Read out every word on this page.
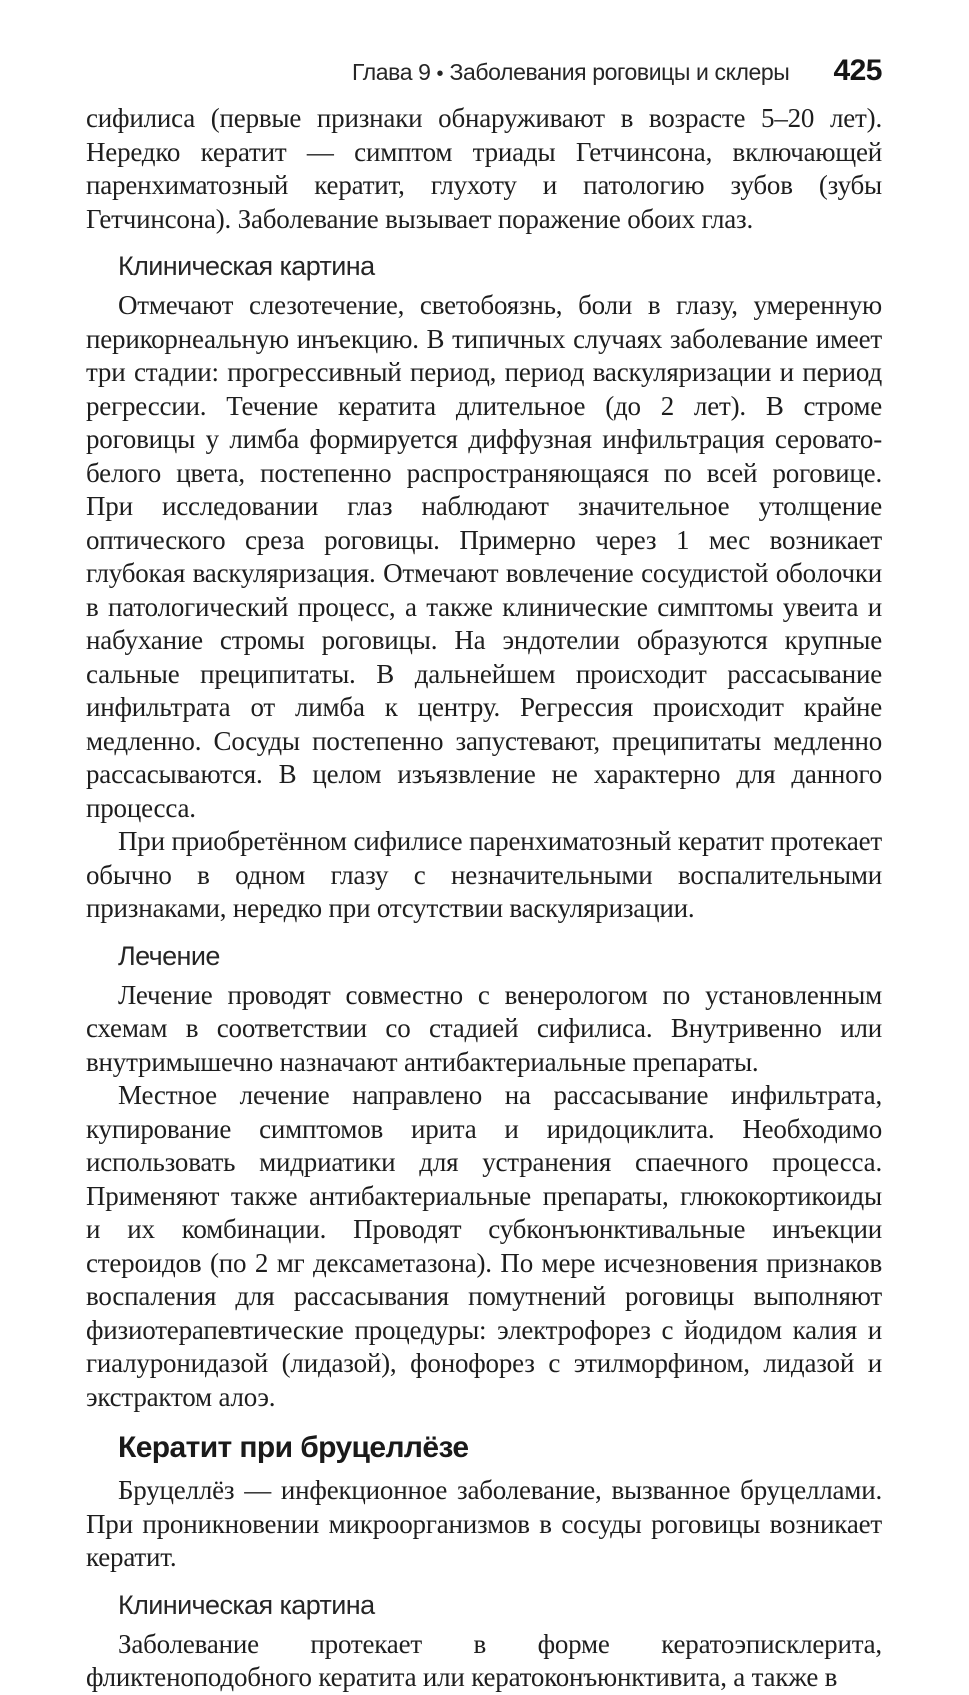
Глава 9 • Заболевания роговицы и склеры 425

сифилиса (первые признаки обнаруживают в возрасте 5–20 лет). Нередко кератит — симптом триады Гетчинсона, включающей паренхиматозный кератит, глухоту и патологию зубов (зубы Гетчинсона). Заболевание вызывает поражение обоих глаз.

Клиническая картина

Отмечают слезотечение, светобоязнь, боли в глазу, умеренную перикорнеальную инъекцию. В типичных случаях заболевание имеет три стадии: прогрессивный период, период васкуляризации и период регрессии. Течение кератита длительное (до 2 лет). В строме роговицы у лимба формируется диффузная инфильтрация серовато-белого цвета, постепенно распространяющаяся по всей роговице. При исследовании глаз наблюдают значительное утолщение оптического среза роговицы. Примерно через 1 мес возникает глубокая васкуляризация. Отмечают вовлечение сосудистой оболочки в патологический процесс, а также клинические симптомы увеита и набухание стромы роговицы. На эндотелии образуются крупные сальные преципитаты. В дальнейшем происходит рассасывание инфильтрата от лимба к центру. Регрессия происходит крайне медленно. Сосуды постепенно запустевают, преципитаты медленно рассасываются. В целом изъязвление не характерно для данного процесса.

При приобретённом сифилисе паренхиматозный кератит протекает обычно в одном глазу с незначительными воспалительными признаками, нередко при отсутствии васкуляризации.

Лечение

Лечение проводят совместно с венерологом по установленным схемам в соответствии со стадией сифилиса. Внутривенно или внутримышечно назначают антибактериальные препараты.

Местное лечение направлено на рассасывание инфильтрата, купирование симптомов ирита и иридоциклита. Необходимо использовать мидриатики для устранения спаечного процесса. Применяют также антибактериальные препараты, глюкокортикоиды и их комбинации. Проводят субконъюнктивальные инъекции стероидов (по 2 мг дексаметазона). По мере исчезновения признаков воспаления для рассасывания помутнений роговицы выполняют физиотерапевтические процедуры: электрофорез с йодидом калия и гиалуронидазой (лидазой), фонофорез с этилморфином, лидазой и экстрактом алоэ.

Кератит при бруцеллёзе

Бруцеллёз — инфекционное заболевание, вызванное бруцеллами. При проникновении микроорганизмов в сосуды роговицы возникает кератит.

Клиническая картина

Заболевание протекает в форме кератоэписклерита, фликтеноподобного кератита или кератоконъюнктивита, а также в
